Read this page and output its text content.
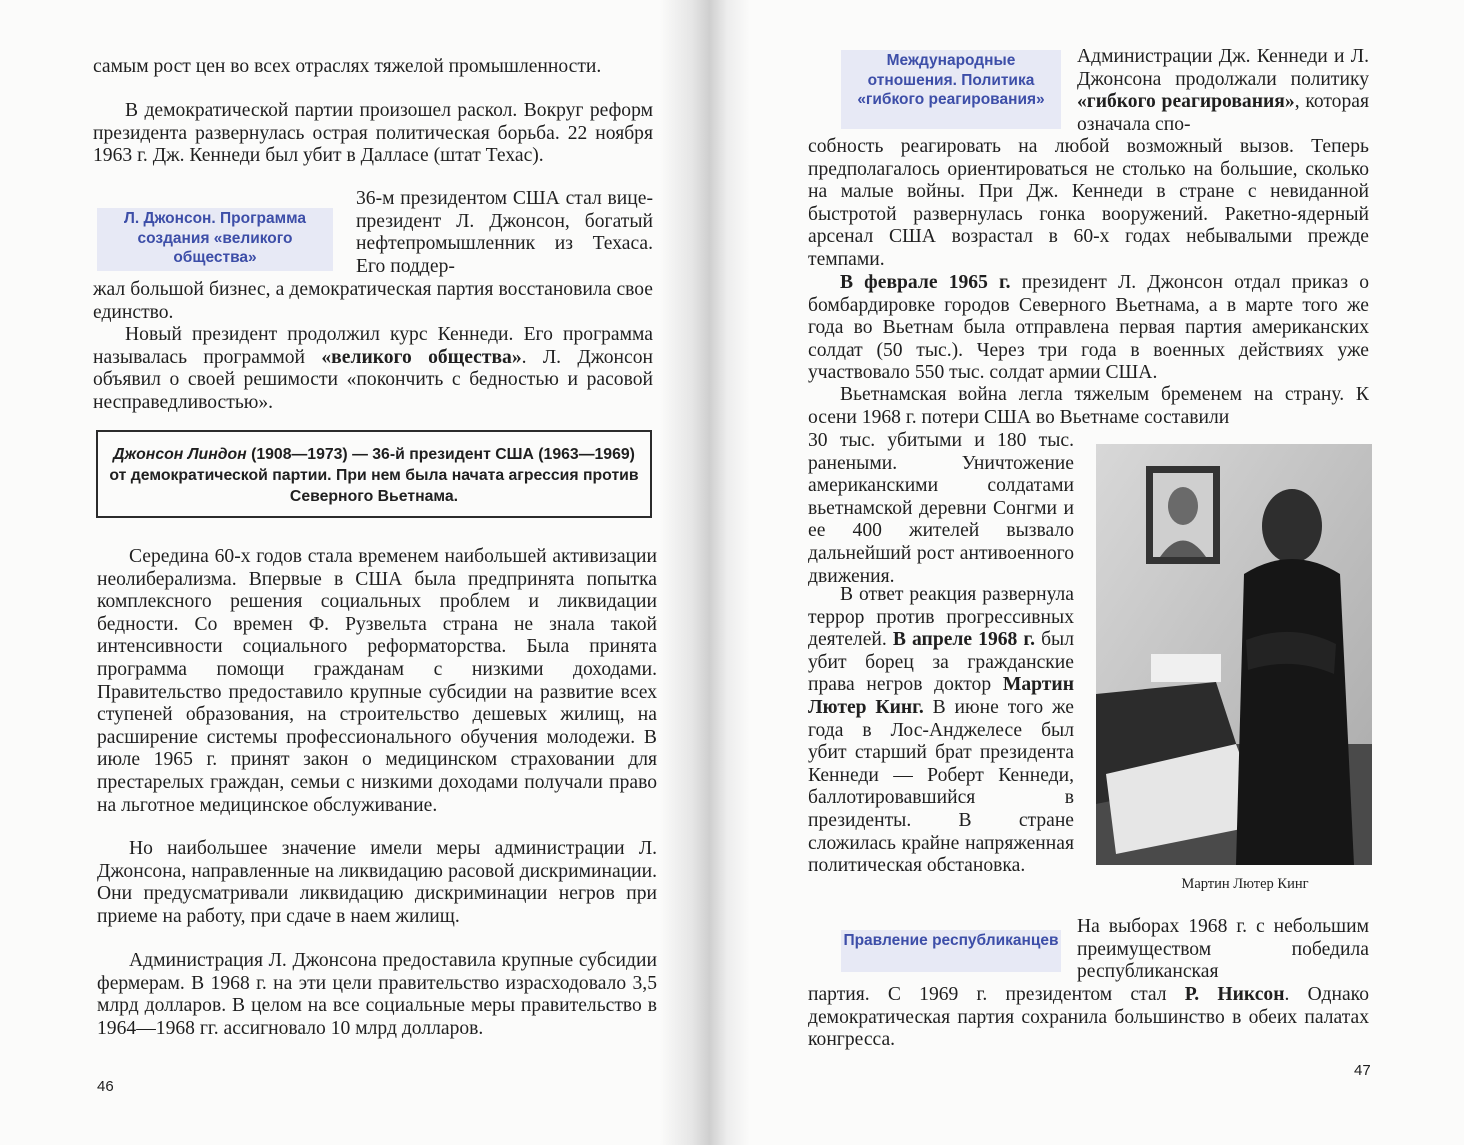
самым рост цен во всех отраслях тяжелой промышленности.

В демократической партии произошел раскол. Вокруг реформ президента развернулась острая политическая борьба. 22 ноября 1963 г. Дж. Кеннеди был убит в Далласе (штат Техас).

Л. Джонсон. Программа создания «великого общества»

36-м президентом США стал вице-президент Л. Джонсон, богатый нефтепромышленник из Техаса. Его поддер-

жал большой бизнес, а демократическая партия восстановила свое единство.

Новый президент продолжил курс Кеннеди. Его программа называлась программой «великого общества». Л. Джонсон объявил о своей решимости «покончить с бедностью и расовой несправедливостью».

Джонсон Линдон (1908—1973) — 36-й президент США (1963—1969) от демократической партии. При нем была начата агрессия против Северного Вьетнама.

Середина 60-х годов стала временем наибольшей активизации неолиберализма. Впервые в США была предпринята попытка комплексного решения социальных проблем и ликвидации бедности. Со времен Ф. Рузвельта страна не знала такой интенсивности социального реформаторства. Была принята программа помощи гражданам с низкими доходами. Правительство предоставило крупные субсидии на развитие всех ступеней образования, на строительство дешевых жилищ, на расширение системы профессионального обучения молодежи. В июле 1965 г. принят закон о медицинском страховании для престарелых граждан, семьи с низкими доходами получали право на льготное медицинское обслуживание.

Но наибольшее значение имели меры администрации Л. Джонсона, направленные на ликвидацию расовой дискриминации. Они предусматривали ликвидацию дискриминации негров при приеме на работу, при сдаче в наем жилищ.

Администрация Л. Джонсона предоставила крупные субсидии фермерам. В 1968 г. на эти цели правительство израсходовало 3,5 млрд долларов. В целом на все социальные меры правительство в 1964—1968 гг. ассигновало 10 млрд долларов.

46
Международные отношения. Политика «гибкого реагирования»

Администрации Дж. Кеннеди и Л. Джонсона продолжали политику «гибкого реагирования», которая означала спо-

собность реагировать на любой возможный вызов. Теперь предполагалось ориентироваться не столько на большие, сколько на малые войны. При Дж. Кеннеди в стране с невиданной быстротой развернулась гонка вооружений. Ракетно-ядерный арсенал США возрастал в 60-х годах небывалыми прежде темпами.

В феврале 1965 г. президент Л. Джонсон отдал приказ о бомбардировке городов Северного Вьетнама, а в марте того же года во Вьетнам была отправлена первая партия американских солдат (50 тыс.). Через три года в военных действиях уже участвовало 550 тыс. солдат армии США.

Вьетнамская война легла тяжелым бременем на страну. К осени 1968 г. потери США во Вьетнаме составили

30 тыс. убитыми и 180 тыс. ранеными. Уничтожение американскими солдатами вьетнамской деревни Сонгми и ее 400 жителей вызвало дальнейший рост антивоенного движения.

В ответ реакция развернула террор против прогрессивных деятелей. В апреле 1968 г. был убит борец за гражданские права негров доктор Мартин Лютер Кинг. В июне того же года в Лос-Анджелесе был убит старший брат президента Кеннеди — Роберт Кеннеди, баллотировавшийся в президенты. В стране сложилась крайне напряженная политическая обстановка.

Мартин Лютер Кинг
Правление республиканцев

На выборах 1968 г. с небольшим преимуществом победила республиканская

партия. С 1969 г. президентом стал Р. Никсон. Однако демократическая партия сохранила большинство в обеих палатах конгресса.

47
